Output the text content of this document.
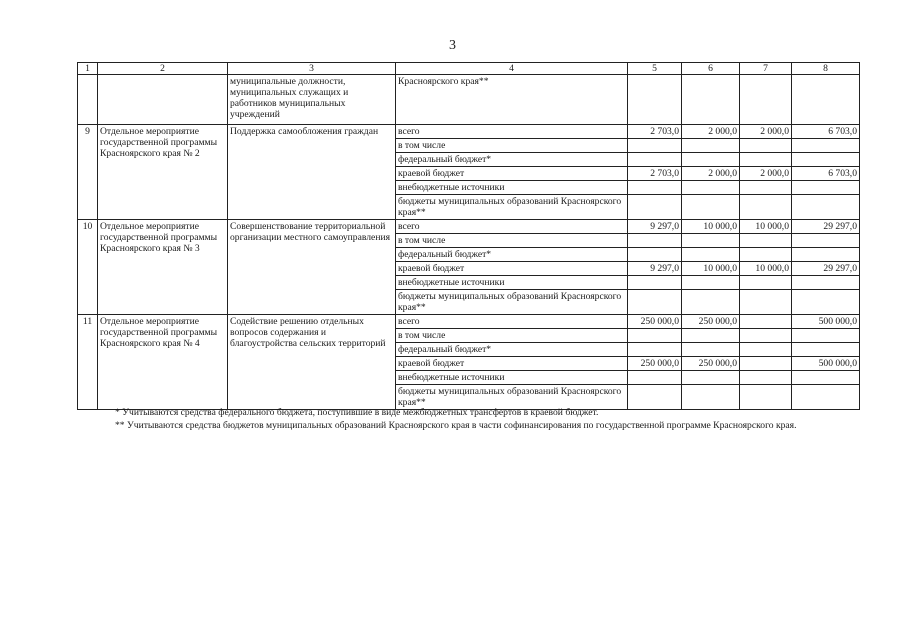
3
1	2	3	4	5	6	7	8
		муниципальные должности, муниципальных служащих и работников муниципальных учреждений	Красноярского края**				
9	Отдельное мероприятие государственной программы Красноярского края № 2	Поддержка самообложения граждан	всего	2 703,0	2 000,0	2 000,0	6 703,0
			в том числе				
			федеральный бюджет*				
			краевой бюджет	2 703,0	2 000,0	2 000,0	6 703,0
			внебюджетные источники				
			бюджеты муниципальных образований Красноярского края**				
10	Отдельное мероприятие государственной программы Красноярского края № 3	Совершенствование территориальной организации местного самоуправления	всего	9 297,0	10 000,0	10 000,0	29 297,0
			в том числе				
			федеральный бюджет*				
			краевой бюджет	9 297,0	10 000,0	10 000,0	29 297,0
			внебюджетные источники				
			бюджеты муниципальных образований Красноярского края**				
11	Отдельное мероприятие государственной программы Красноярского края № 4	Содействие решению отдельных вопросов содержания и благоустройства сельских территорий	всего	250 000,0	250 000,0		500 000,0
			в том числе				
			федеральный бюджет*				
			краевой бюджет	250 000,0	250 000,0		500 000,0
			внебюджетные источники				
			бюджеты муниципальных образований Красноярского края**				

* Учитываются средства федерального бюджета, поступившие в виде межбюджетных трансфертов в краевой бюджет.

** Учитываются средства бюджетов муниципальных образований Красноярского края в части софинансирования по государственной программе Красноярского края.
